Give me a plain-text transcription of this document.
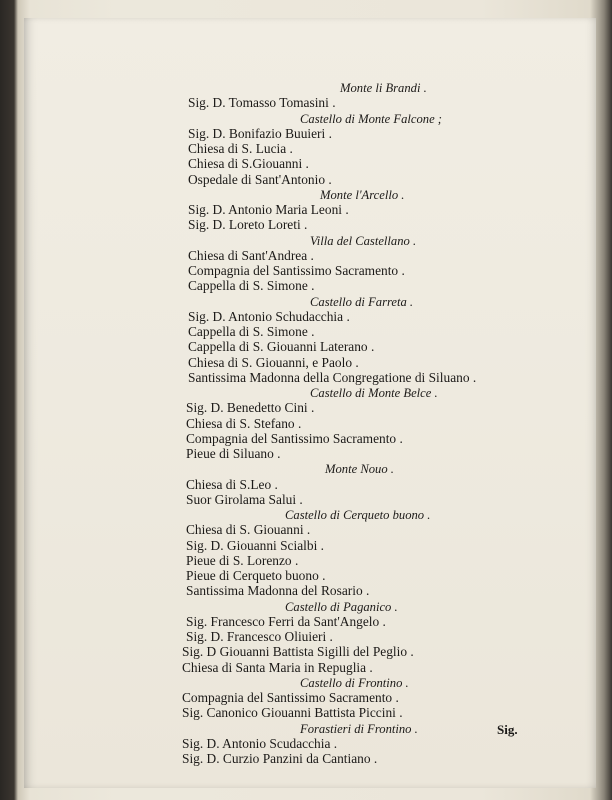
Monte li Brandi .
Sig. D. Tomasso Tomasini .
Castello di Monte Falcone ;
Sig. D. Bonifazio Buuieri .
Chiesa di S. Lucia .
Chiesa di S.Giouanni .
Ospedale di Sant'Antonio .
Monte l'Arcello .
Sig. D. Antonio Maria Leoni .
Sig. D. Loreto Loreti .
Villa del Castellano .
Chiesa di Sant'Andrea .
Compagnia del Santissimo Sacramento .
Cappella di S. Simone .
Castello di Farreta .
Sig. D. Antonio Schudacchia .
Cappella di S. Simone .
Cappella di S. Giouanni Laterano .
Chiesa di S. Giouanni, e Paolo .
Santissima Madonna della Congregatione di Siluano .
Castello di Monte Belce .
Sig. D. Benedetto Cini .
Chiesa di S. Stefano .
Compagnia del Santissimo Sacramento .
Pieue di Siluano .
Monte Nouo .
Chiesa di S.Leo .
Suor Girolama Salui .
Castello di Cerqueto buono .
Chiesa di S. Giouanni .
Sig. D. Giouanni Scialbi .
Pieue di S. Lorenzo .
Pieue di Cerqueto buono .
Santissima Madonna del Rosario .
Castello di Paganico .
Sig. Francesco Ferri da Sant'Angelo .
Sig. D. Francesco Oliuieri .
Sig. D Giouanni Battista Sigilli del Peglio .
Chiesa di Santa Maria in Repuglia .
Castello di Frontino .
Compagnia del Santissimo Sacramento .
Sig. Canonico Giouanni Battista Piccini .
Forastieri di Frontino .
Sig. D. Antonio Scudacchia .
Sig. D. Curzio Panzini da Cantiano .
Sig.
